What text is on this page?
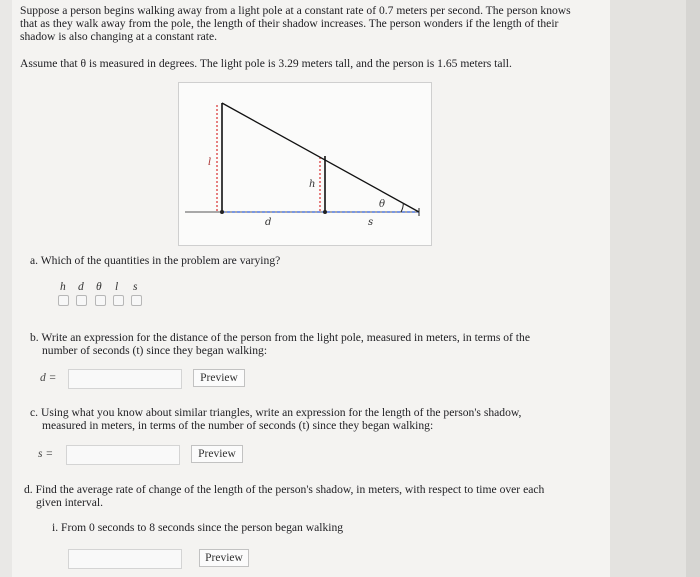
Suppose a person begins walking away from a light pole at a constant rate of 0.7 meters per second. The person knows
that as they walk away from the pole, the length of their shadow increases. The person wonders if the length of their
shadow is also changing at a constant rate.
Assume that θ is measured in degrees. The light pole is 3.29 meters tall, and the person is 1.65 meters tall.
l
h
d	s
θ
a. Which of the quantities in the problem are varying?
h d θ l s
b. Write an expression for the distance of the person from the light pole, measured in meters, in terms of the
number of seconds (t) since they began walking:
d =	Preview
c. Using what you know about similar triangles, write an expression for the length of the person's shadow,
measured in meters, in terms of the number of seconds (t) since they began walking:
s =	Preview
d. Find the average rate of change of the length of the person's shadow, in meters, with respect to time over each
given interval.
i. From 0 seconds to 8 seconds since the person began walking
Preview
